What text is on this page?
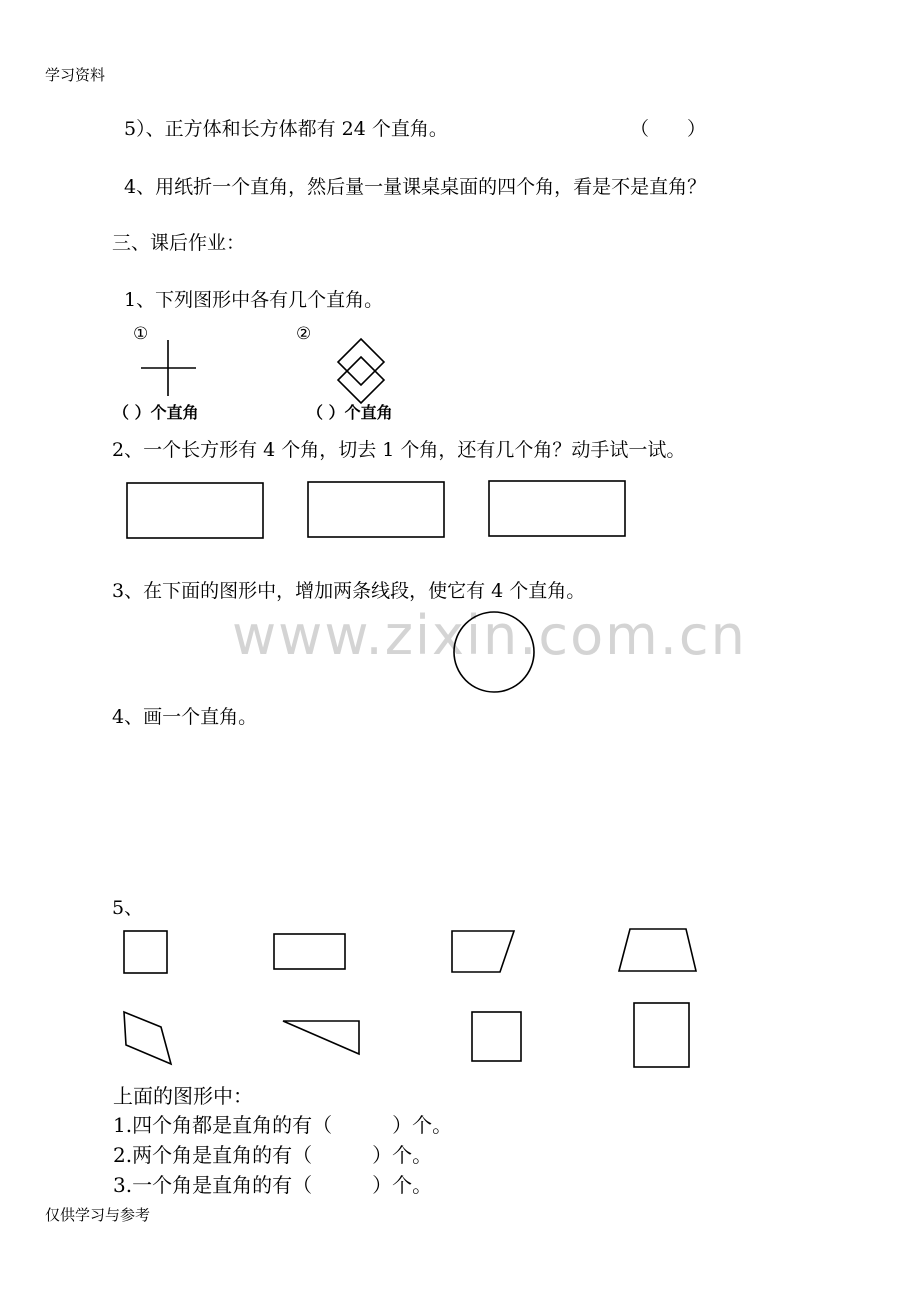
学习资料
5）、正方体和长方体都有 24 个直角。	（　　）
4、用纸折一个直角，然后量一量课桌桌面的四个角，看是不是直角？
三、课后作业：
1、下列图形中各有几个直角。
①	②
（ ）个直角	（ ）个直角
2、一个长方形有 4 个角，切去 1 个角，还有几个角？动手试一试。
3、在下面的图形中，增加两条线段，使它有 4 个直角。
www.zixin.com.cn
4、画一个直角。
5、
上面的图形中：
1.四个角都是直角的有（　　　）个。
2.两个角是直角的有（　　　）个。
3.一个角是直角的有（　　　）个。
仅供学习与参考
